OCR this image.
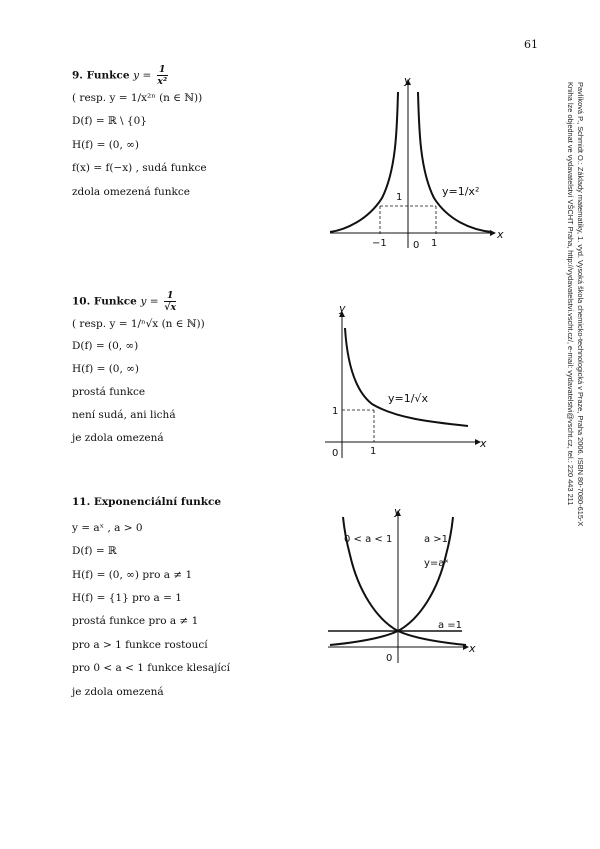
61
Pavlíková P., Schmidt O.: Základy matematiky, 1. vyd. Vysoká škola chemicko-technologická v Praze, Praha 2006. ISBN 80-7080-615-X
Kniha lze objednat ve vydavatelství VŠCHT Praha, http://vydavatelstvi.vscht.cz/, e-mail: vydavatelstvi@vscht.cz, tel.: 220 443 211
9. Funkce $y = \frac{1}{\text{x²}}$
( resp. y = 1/x²ⁿ (n ∈ ℕ))
D(f) = ℝ \ {0}
H(f) = (0, ∞)
f(x) = f(−x) , sudá funkce
zdola omezená funkce
y
x
1
−1	1
0
y=1/x²
10. Funkce $y = \frac{1}{√x}$
( resp. y = 1/ⁿ√x (n ∈ ℕ))
D(f) = (0, ∞)
H(f) = (0, ∞)
prostá funkce
není sudá, ani lichá
je zdola omezená
y
x
1
1
0
y=1/√x
11. Exponenciální funkce
y = aˣ , a > 0
D(f) = ℝ
H(f) = (0, ∞) pro a ≠ 1
H(f) = {1} pro a = 1
prostá funkce pro a ≠ 1
pro a > 1 funkce rostoucí
pro 0 < a < 1 funkce klesající
je zdola omezená
y
x
0 < a < 1	a >1
y=aˣ
a =1
0
